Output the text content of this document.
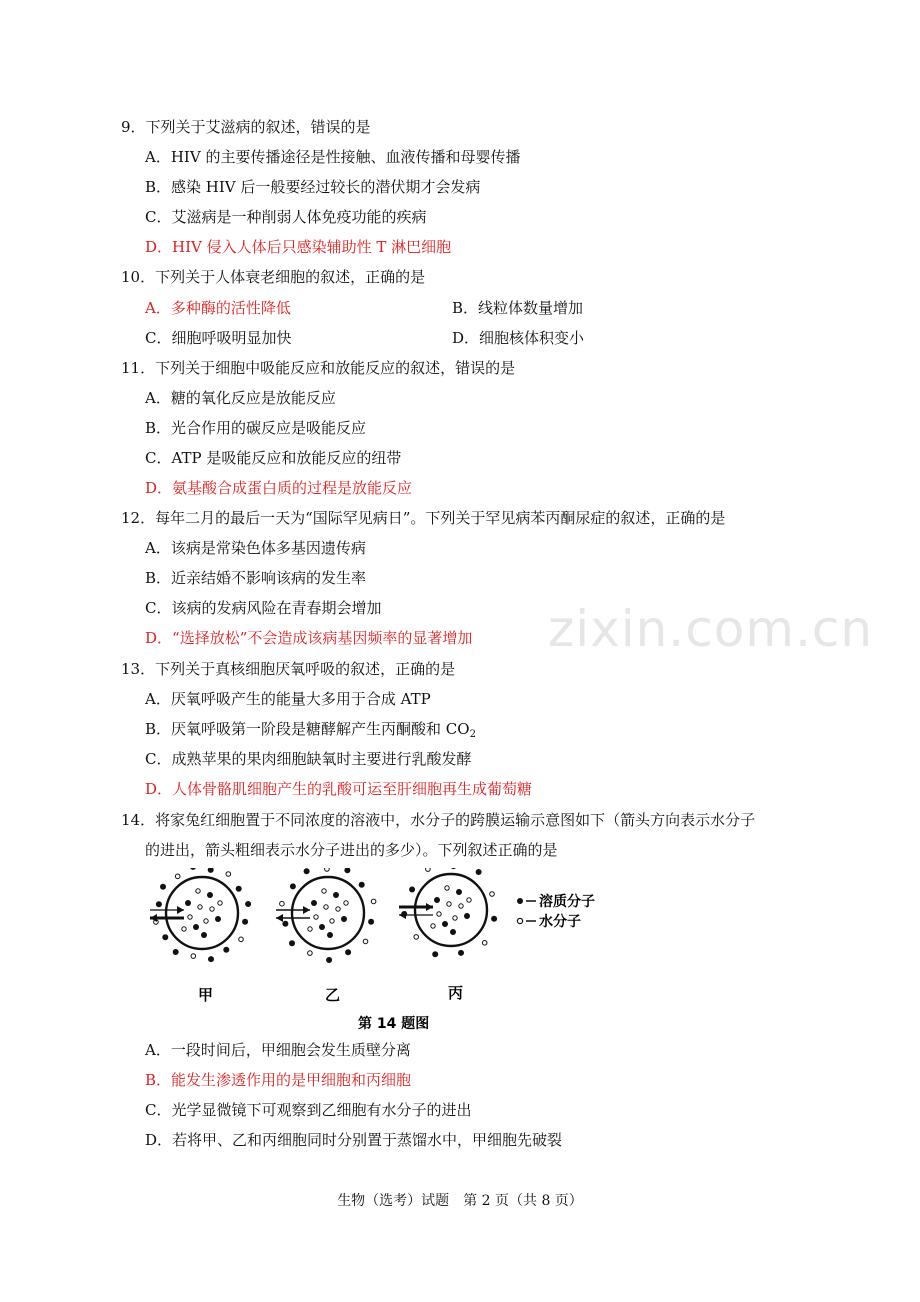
9．下列关于艾滋病的叙述，错误的是
A．HIV 的主要传播途径是性接触、血液传播和母婴传播
B．感染 HIV 后一般要经过较长的潜伏期才会发病
C．艾滋病是一种削弱人体免疫功能的疾病
D．HIV 侵入人体后只感染辅助性 T 淋巴细胞
10．下列关于人体衰老细胞的叙述，正确的是
A．多种酶的活性降低	B．线粒体数量增加
C．细胞呼吸明显加快	D．细胞核体积变小
11．下列关于细胞中吸能反应和放能反应的叙述，错误的是
A．糖的氧化反应是放能反应
B．光合作用的碳反应是吸能反应
C．ATP 是吸能反应和放能反应的纽带
D．氨基酸合成蛋白质的过程是放能反应
12．每年二月的最后一天为“国际罕见病日”。下列关于罕见病苯丙酮尿症的叙述，正确的是
A．该病是常染色体多基因遗传病
B．近亲结婚不影响该病的发生率
C．该病的发病风险在青春期会增加
D．“选择放松”不会造成该病基因频率的显著增加
13．下列关于真核细胞厌氧呼吸的叙述，正确的是
A．厌氧呼吸产生的能量大多用于合成 ATP
B．厌氧呼吸第一阶段是糖酵解产生丙酮酸和 $CO_2$
C．成熟苹果的果肉细胞缺氧时主要进行乳酸发酵
D．人体骨骼肌细胞产生的乳酸可运至肝细胞再生成葡萄糖
14．将家兔红细胞置于不同浓度的溶液中，水分子的跨膜运输示意图如下（箭头方向表示水分子
的进出，箭头粗细表示水分子进出的多少）。下列叙述正确的是
溶质分子
水分子
甲	乙	丙
第 14 题图
A．一段时间后，甲细胞会发生质壁分离
B．能发生渗透作用的是甲细胞和丙细胞
C．光学显微镜下可观察到乙细胞有水分子的进出
D．若将甲、乙和丙细胞同时分别置于蒸馏水中，甲细胞先破裂
zixin.com.cn
生物（选考）试题　第 2 页（共 8 页）
